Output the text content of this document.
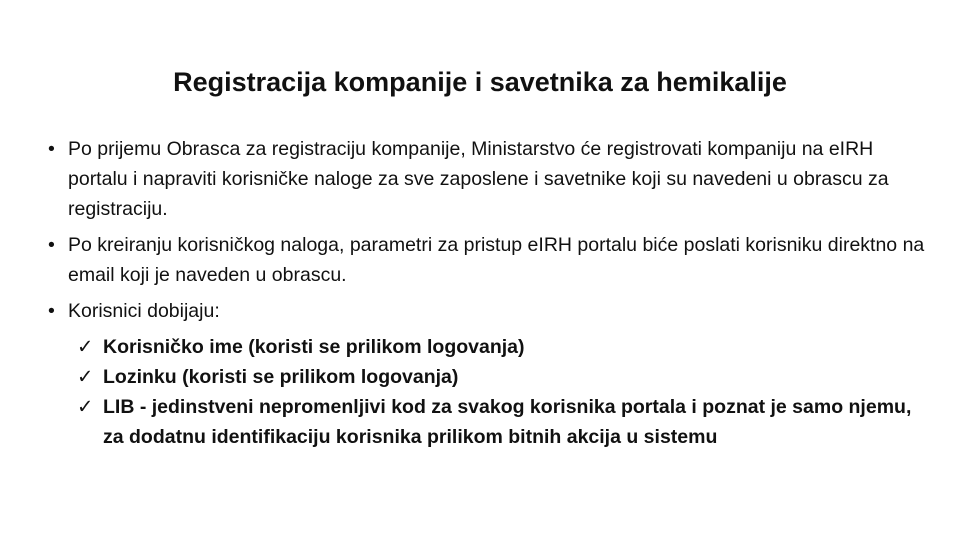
Registracija kompanije i savetnika za hemikalije
• Po prijemu Obrasca za registraciju kompanije, Ministarstvo će registrovati kompaniju na eIRH portalu i napraviti korisničke naloge za sve zaposlene i savetnike koji su navedeni u obrascu za registraciju.
• Po kreiranju korisničkog naloga, parametri za pristup eIRH portalu biće poslati korisniku direktno na email koji je naveden u obrascu.
• Korisnici dobijaju:
✓ Korisničko ime (koristi se prilikom logovanja)
✓ Lozinku (koristi se prilikom logovanja)
✓ LIB - jedinstveni nepromenljivi kod za svakog korisnika portala i poznat je samo njemu, za dodatnu identifikaciju korisnika prilikom bitnih akcija u sistemu
